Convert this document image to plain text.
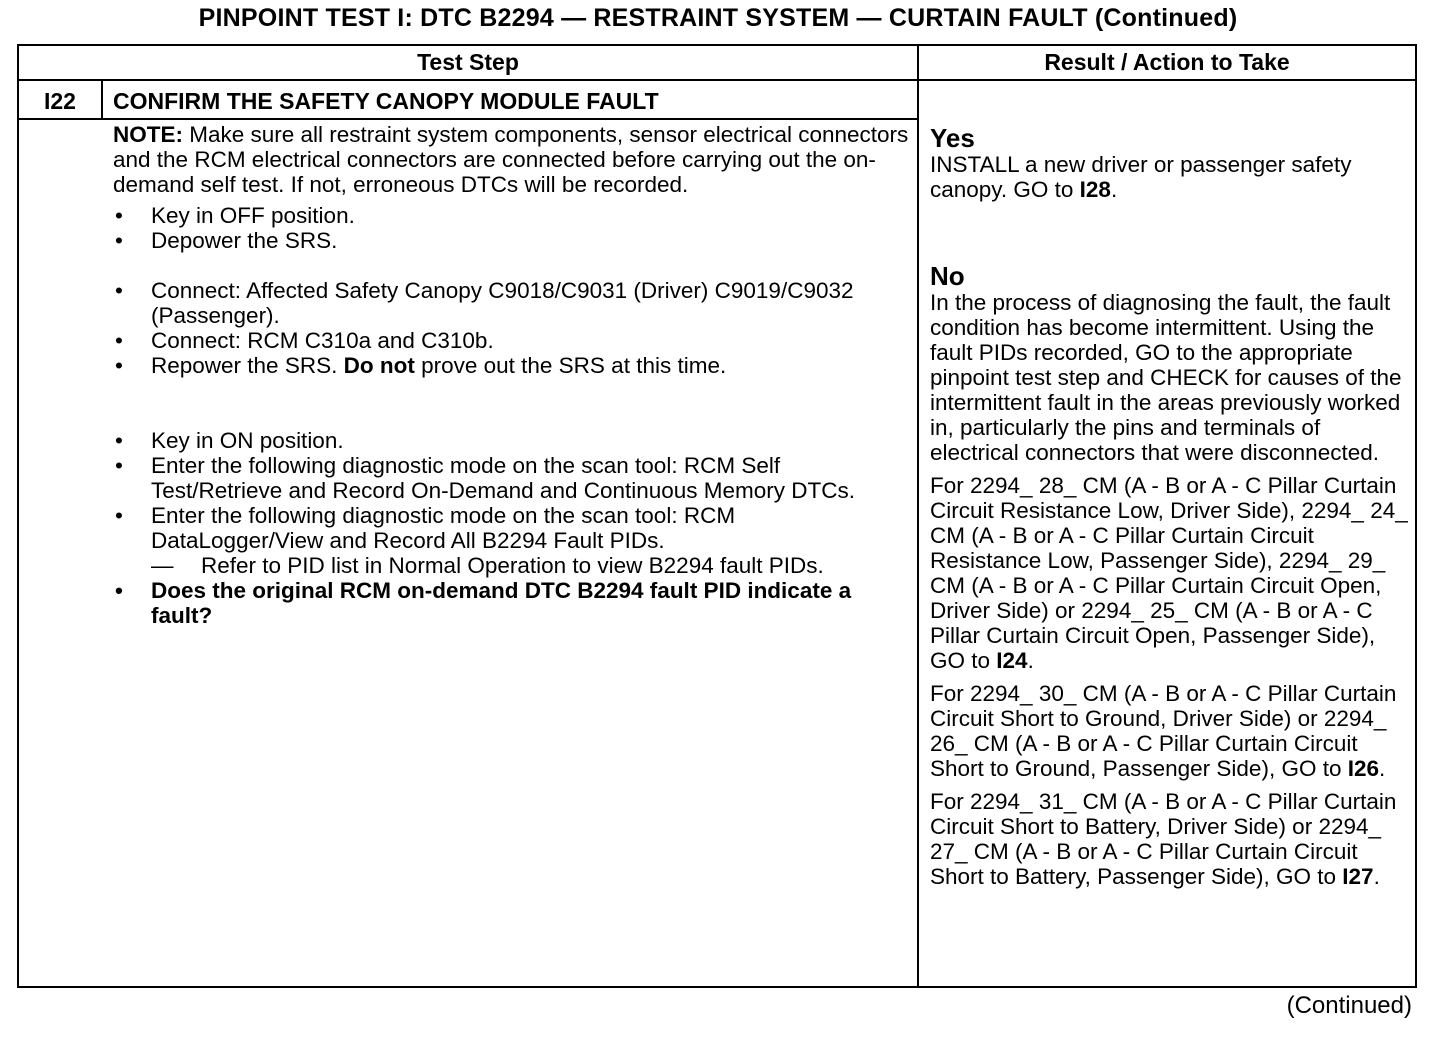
PINPOINT TEST I: DTC B2294 — RESTRAINT SYSTEM — CURTAIN FAULT (Continued)
Test Step	Result / Action to Take
I22	CONFIRM THE SAFETY CANOPY MODULE FAULT

NOTE: Make sure all restraint system components, sensor electrical connectors and the RCM electrical connectors are connected before carrying out the on-demand self test. If not, erroneous DTCs will be recorded.

• Key in OFF position.
• Depower the SRS.
• Connect: Affected Safety Canopy C9018/C9031 (Driver) C9019/C9032 (Passenger).
• Connect: RCM C310a and C310b.
• Repower the SRS. Do not prove out the SRS at this time.
• Key in ON position.
• Enter the following diagnostic mode on the scan tool: RCM Self Test/Retrieve and Record On-Demand and Continuous Memory DTCs.
• Enter the following diagnostic mode on the scan tool: RCM DataLogger/View and Record All B2294 Fault PIDs.
— Refer to PID list in Normal Operation to view B2294 fault PIDs.
• Does the original RCM on-demand DTC B2294 fault PID indicate a fault?
Yes

INSTALL a new driver or passenger safety canopy. GO to I28.

No

In the process of diagnosing the fault, the fault condition has become intermittent. Using the fault PIDs recorded, GO to the appropriate pinpoint test step and CHECK for causes of the intermittent fault in the areas previously worked in, particularly the pins and terminals of electrical connectors that were disconnected.

For 2294_ 28_ CM (A - B or A - C Pillar Curtain Circuit Resistance Low, Driver Side), 2294_ 24_ CM (A - B or A - C Pillar Curtain Circuit Resistance Low, Passenger Side), 2294_ 29_ CM (A - B or A - C Pillar Curtain Circuit Open, Driver Side) or 2294_ 25_ CM (A - B or A - C Pillar Curtain Circuit Open, Passenger Side), GO to I24.

For 2294_ 30_ CM (A - B or A - C Pillar Curtain Circuit Short to Ground, Driver Side) or 2294_ 26_ CM (A - B or A - C Pillar Curtain Circuit Short to Ground, Passenger Side), GO to I26.

For 2294_ 31_ CM (A - B or A - C Pillar Curtain Circuit Short to Battery, Driver Side) or 2294_ 27_ CM (A - B or A - C Pillar Curtain Circuit Short to Battery, Passenger Side), GO to I27.

(Continued)
